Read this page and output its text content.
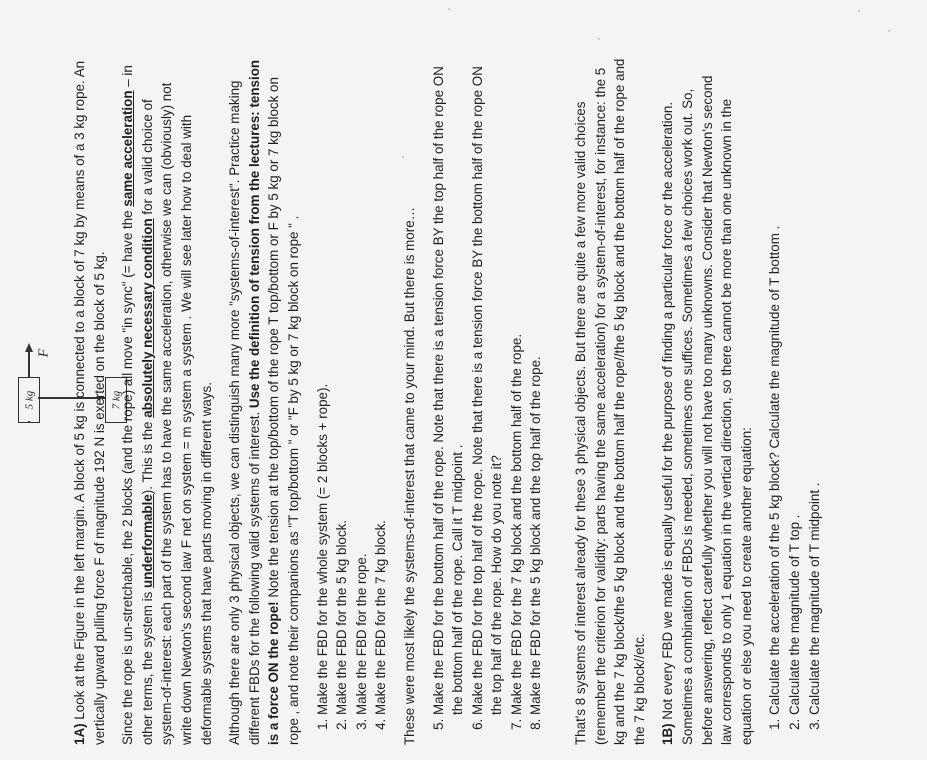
F
5 kg	7 kg

1A) Look at the Figure in the left margin. A block of 5 kg is connected to a block of 7 kg by means of a 3 kg rope. An vertically upward pulling force F of magnitude 192 N is exerted on the block of 5 kg. Since the rope is un-stretchable, the 2 blocks (and the rope) all move "in sync" (= have the same acceleration – in other terms, the system is underformable). This is the absolutely necessary condition for a valid choice of system-of-interest: each part of the system has to have the same acceleration, otherwise we can (obviously) not write down Newton's second law F net on system = m system a system . We will see later how to deal with deformable systems that have parts moving in different ways. Although there are only 3 physical objects, we can distinguish many more "systems-of-interest". Practice making different FBDs for the following valid systems of interest. Use the definition of tension from the lectures: tension is a force ON the rope! Note the tension at the top/bottom of the rope T top/bottom or F by 5 kg or 7 kg block on rope , and note their companions as "T top/bottom " or "F by 5 kg or 7 kg block on rope " . 1. Make the FBD for the whole system (= 2 blocks + rope). 2. Make the FBD for the 5 kg block. 3. Make the FBD for the rope. 4. Make the FBD for the 7 kg block. These were most likely the systems-of-interest that came to your mind. But there is more… 5. Make the FBD for the bottom half of the rope. Note that there is a tension force BY the top half of the rope ON the bottom half of the rope. Call it T midpoint . 6. Make the FBD for the top half of the rope. Note that there is a tension force BY the bottom half of the rope ON the top half of the rope. How do you note it? 7. Make the FBD for the 7 kg block and the bottom half of the rope. 8. Make the FBD for the 5 kg block and the top half of the rope. That's 8 systems of interest already for these 3 physical objects. But there are quite a few more valid choices (remember the criterion for validity: parts having the same acceleration) for a system-of-interest, for instance: the 5 kg and the 7 kg block/the 5 kg block and the bottom half the rope//the 5 kg block and the bottom half of the rope and the 7 kg block//etc. 1B) Not every FBD we made is equally useful for the purpose of finding a particular force or the acceleration. Sometimes a combination of FBDs is needed, sometimes one suffices. Sometimes a few choices work out. So, before answering, reflect carefully whether you will not have too many unknowns. Consider that Newton's second law corresponds to only 1 equation in the vertical direction, so there cannot be more than one unknown in the equation or else you need to create another equation: 1. Calculate the acceleration of the 5 kg block? Calculate the magnitude of T bottom . 2. Calculate the magnitude of T top . 3. Calculate the magnitude of T midpoint .
